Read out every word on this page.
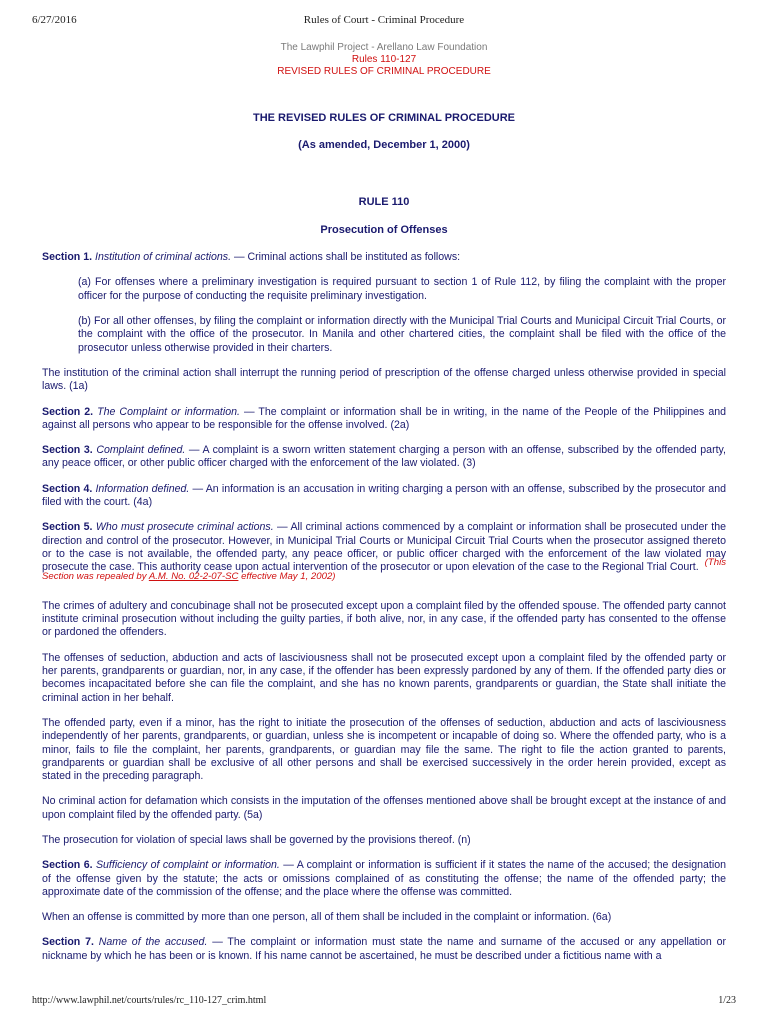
6/27/2016	Rules of Court - Criminal Procedure
The Lawphil Project - Arellano Law Foundation
Rules 110-127
REVISED RULES OF CRIMINAL PROCEDURE
THE REVISED RULES OF CRIMINAL PROCEDURE
(As amended, December 1, 2000)
RULE 110
Prosecution of Offenses

Section 1. Institution of criminal actions. — Criminal actions shall be instituted as follows:

(a) For offenses where a preliminary investigation is required pursuant to section 1 of Rule 112, by filing the complaint with the proper officer for the purpose of conducting the requisite preliminary investigation.

(b) For all other offenses, by filing the complaint or information directly with the Municipal Trial Courts and Municipal Circuit Trial Courts, or the complaint with the office of the prosecutor. In Manila and other chartered cities, the complaint shall be filed with the office of the prosecutor unless otherwise provided in their charters.

The institution of the criminal action shall interrupt the running period of prescription of the offense charged unless otherwise provided in special laws. (1a)

Section 2. The Complaint or information. — The complaint or information shall be in writing, in the name of the People of the Philippines and against all persons who appear to be responsible for the offense involved. (2a)

Section 3. Complaint defined. — A complaint is a sworn written statement charging a person with an offense, subscribed by the offended party, any peace officer, or other public officer charged with the enforcement of the law violated. (3)

Section 4. Information defined. — An information is an accusation in writing charging a person with an offense, subscribed by the prosecutor and filed with the court. (4a)

Section 5. Who must prosecute criminal actions. — All criminal actions commenced by a complaint or information shall be prosecuted under the direction and control of the prosecutor. However, in Municipal Trial Courts or Municipal Circuit Trial Courts when the prosecutor assigned thereto or to the case is not available, the offended party, any peace officer, or public officer charged with the enforcement of the law violated may prosecute the case. This authority cease upon actual intervention of the prosecutor or upon elevation of the case to the Regional Trial Court. (This Section was repealed by A.M. No. 02-2-07-SC effective May 1, 2002)

The crimes of adultery and concubinage shall not be prosecuted except upon a complaint filed by the offended spouse. The offended party cannot institute criminal prosecution without including the guilty parties, if both alive, nor, in any case, if the offended party has consented to the offense or pardoned the offenders.

The offenses of seduction, abduction and acts of lasciviousness shall not be prosecuted except upon a complaint filed by the offended party or her parents, grandparents or guardian, nor, in any case, if the offender has been expressly pardoned by any of them. If the offended party dies or becomes incapacitated before she can file the complaint, and she has no known parents, grandparents or guardian, the State shall initiate the criminal action in her behalf.

The offended party, even if a minor, has the right to initiate the prosecution of the offenses of seduction, abduction and acts of lasciviousness independently of her parents, grandparents, or guardian, unless she is incompetent or incapable of doing so. Where the offended party, who is a minor, fails to file the complaint, her parents, grandparents, or guardian may file the same. The right to file the action granted to parents, grandparents or guardian shall be exclusive of all other persons and shall be exercised successively in the order herein provided, except as stated in the preceding paragraph.

No criminal action for defamation which consists in the imputation of the offenses mentioned above shall be brought except at the instance of and upon complaint filed by the offended party. (5a)

The prosecution for violation of special laws shall be governed by the provisions thereof. (n)

Section 6. Sufficiency of complaint or information. — A complaint or information is sufficient if it states the name of the accused; the designation of the offense given by the statute; the acts or omissions complained of as constituting the offense; the name of the offended party; the approximate date of the commission of the offense; and the place where the offense was committed.

When an offense is committed by more than one person, all of them shall be included in the complaint or information. (6a)

Section 7. Name of the accused. — The complaint or information must state the name and surname of the accused or any appellation or nickname by which he has been or is known. If his name cannot be ascertained, he must be described under a fictitious name with a

http://www.lawphil.net/courts/rules/rc_110-127_crim.html	1/23
